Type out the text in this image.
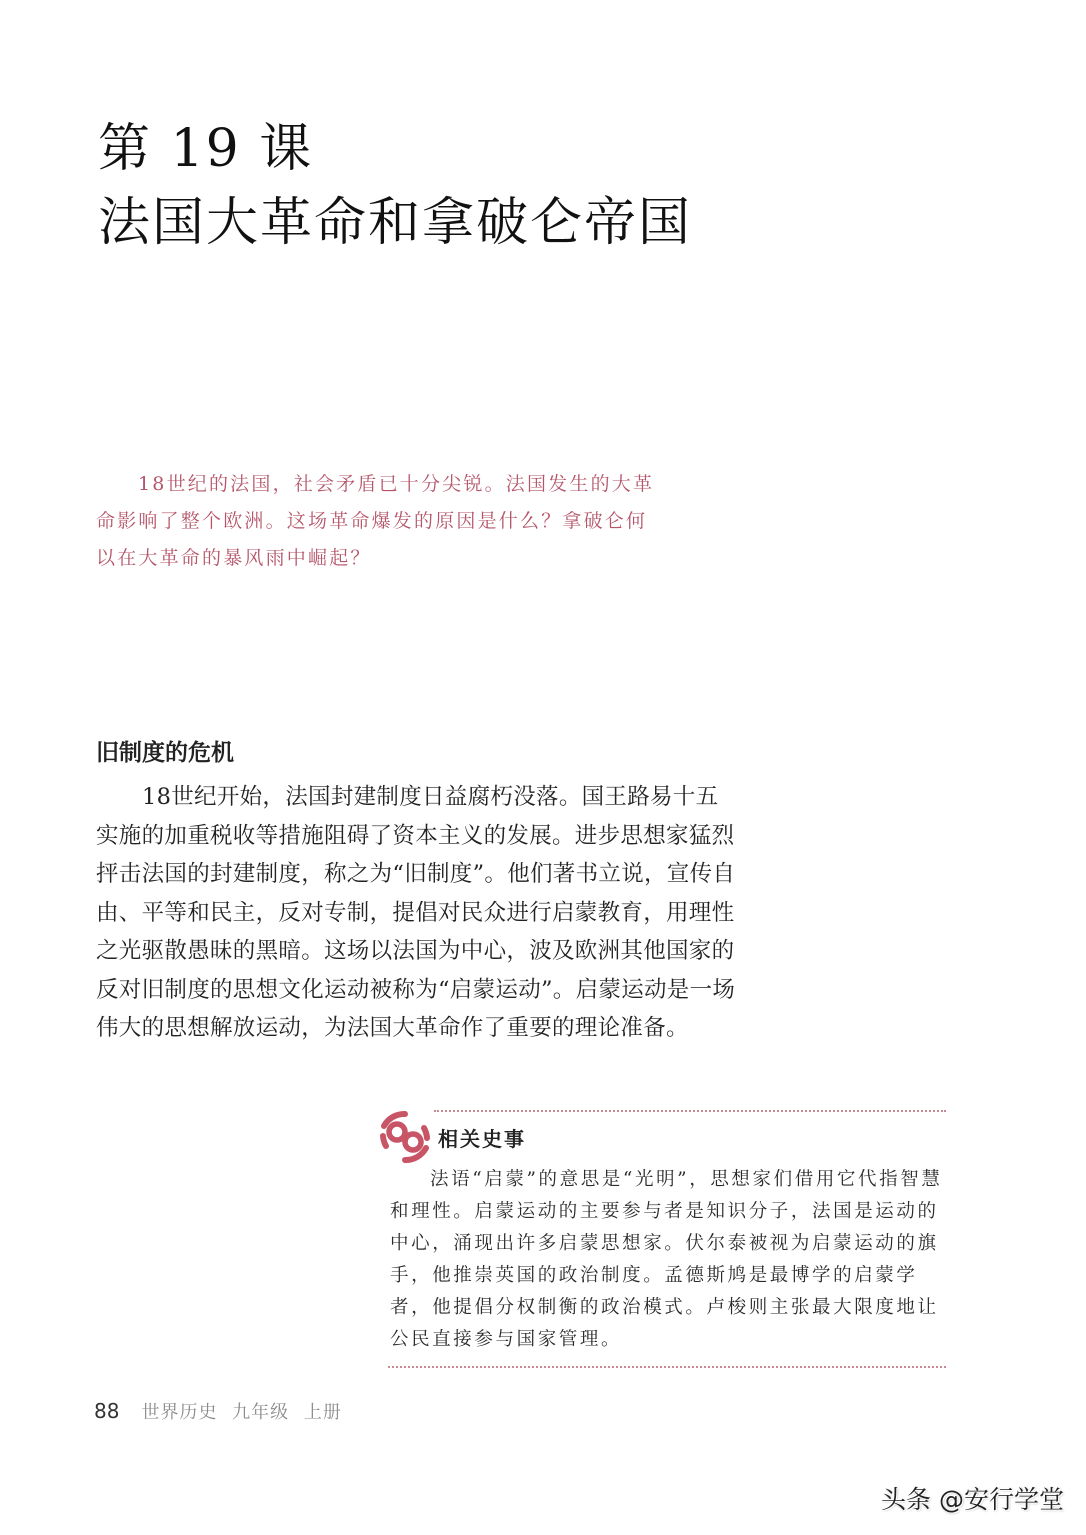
第 19 课
法国大革命和拿破仑帝国

18世纪的法国，社会矛盾已十分尖锐。法国发生的大革命影响了整个欧洲。这场革命爆发的原因是什么？拿破仑何以在大革命的暴风雨中崛起？

旧制度的危机

18世纪开始，法国封建制度日益腐朽没落。国王路易十五实施的加重税收等措施阻碍了资本主义的发展。进步思想家猛烈抨击法国的封建制度，称之为“旧制度”。他们著书立说，宣传自由、平等和民主，反对专制，提倡对民众进行启蒙教育，用理性之光驱散愚昧的黑暗。这场以法国为中心，波及欧洲其他国家的反对旧制度的思想文化运动被称为“启蒙运动”。启蒙运动是一场伟大的思想解放运动，为法国大革命作了重要的理论准备。

相关史事

法语“启蒙”的意思是“光明”，思想家们借用它代指智慧和理性。启蒙运动的主要参与者是知识分子，法国是运动的中心，涌现出许多启蒙思想家。伏尔泰被视为启蒙运动的旗手，他推崇英国的政治制度。孟德斯鸠是最博学的启蒙学者，他提倡分权制衡的政治模式。卢梭则主张最大限度地让公民直接参与国家管理。

88 世界历史 九年级 上册
头条 @安行学堂
